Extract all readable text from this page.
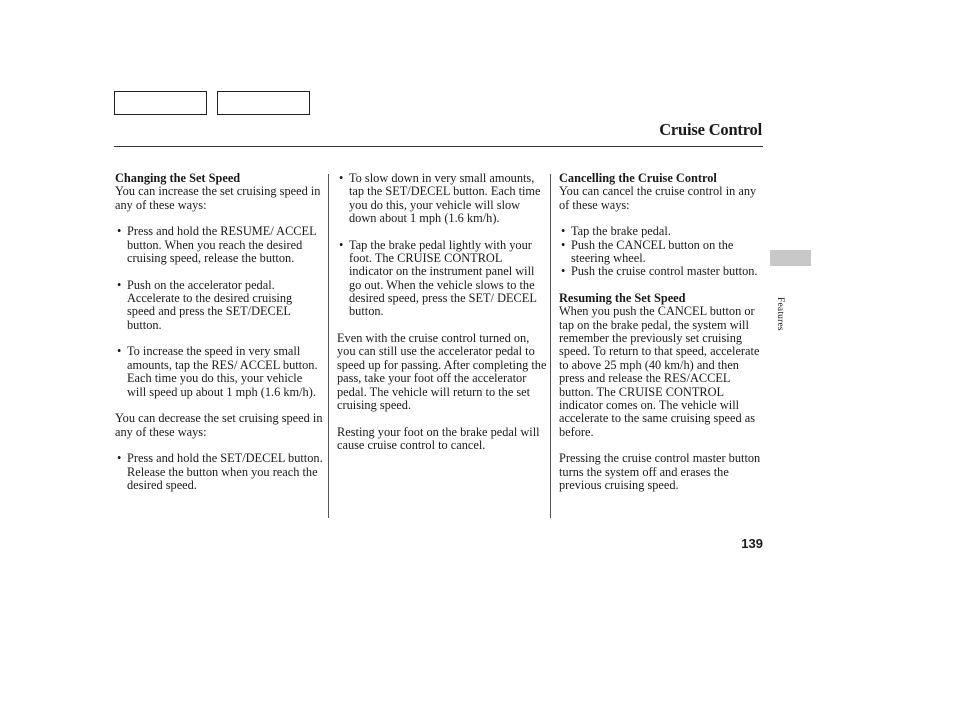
Cruise Control

Changing the Set Speed

You can increase the set cruising speed in any of these ways:

• Press and hold the RESUME/ ACCEL button. When you reach the desired cruising speed, release the button.
• Push on the accelerator pedal. Accelerate to the desired cruising speed and press the SET/DECEL button.
• To increase the speed in very small amounts, tap the RES/ ACCEL button. Each time you do this, your vehicle will speed up about 1 mph (1.6 km/h).

You can decrease the set cruising speed in any of these ways:

• Press and hold the SET/DECEL button. Release the button when you reach the desired speed.
• To slow down in very small amounts, tap the SET/DECEL button. Each time you do this, your vehicle will slow down about 1 mph (1.6 km/h).
• Tap the brake pedal lightly with your foot. The CRUISE CONTROL indicator on the instrument panel will go out. When the vehicle slows to the desired speed, press the SET/ DECEL button.

Even with the cruise control turned on, you can still use the accelerator pedal to speed up for passing. After completing the pass, take your foot off the accelerator pedal. The vehicle will return to the set cruising speed.

Resting your foot on the brake pedal will cause cruise control to cancel.

Cancelling the Cruise Control

You can cancel the cruise control in any of these ways:

• Tap the brake pedal.
• Push the CANCEL button on the steering wheel.
• Push the cruise control master button.

Resuming the Set Speed

When you push the CANCEL button or tap on the brake pedal, the system will remember the previously set cruising speed. To return to that speed, accelerate to above 25 mph (40 km/h) and then press and release the RES/ACCEL button. The CRUISE CONTROL indicator comes on. The vehicle will accelerate to the same cruising speed as before.

Pressing the cruise control master button turns the system off and erases the previous cruising speed.

Features
139
